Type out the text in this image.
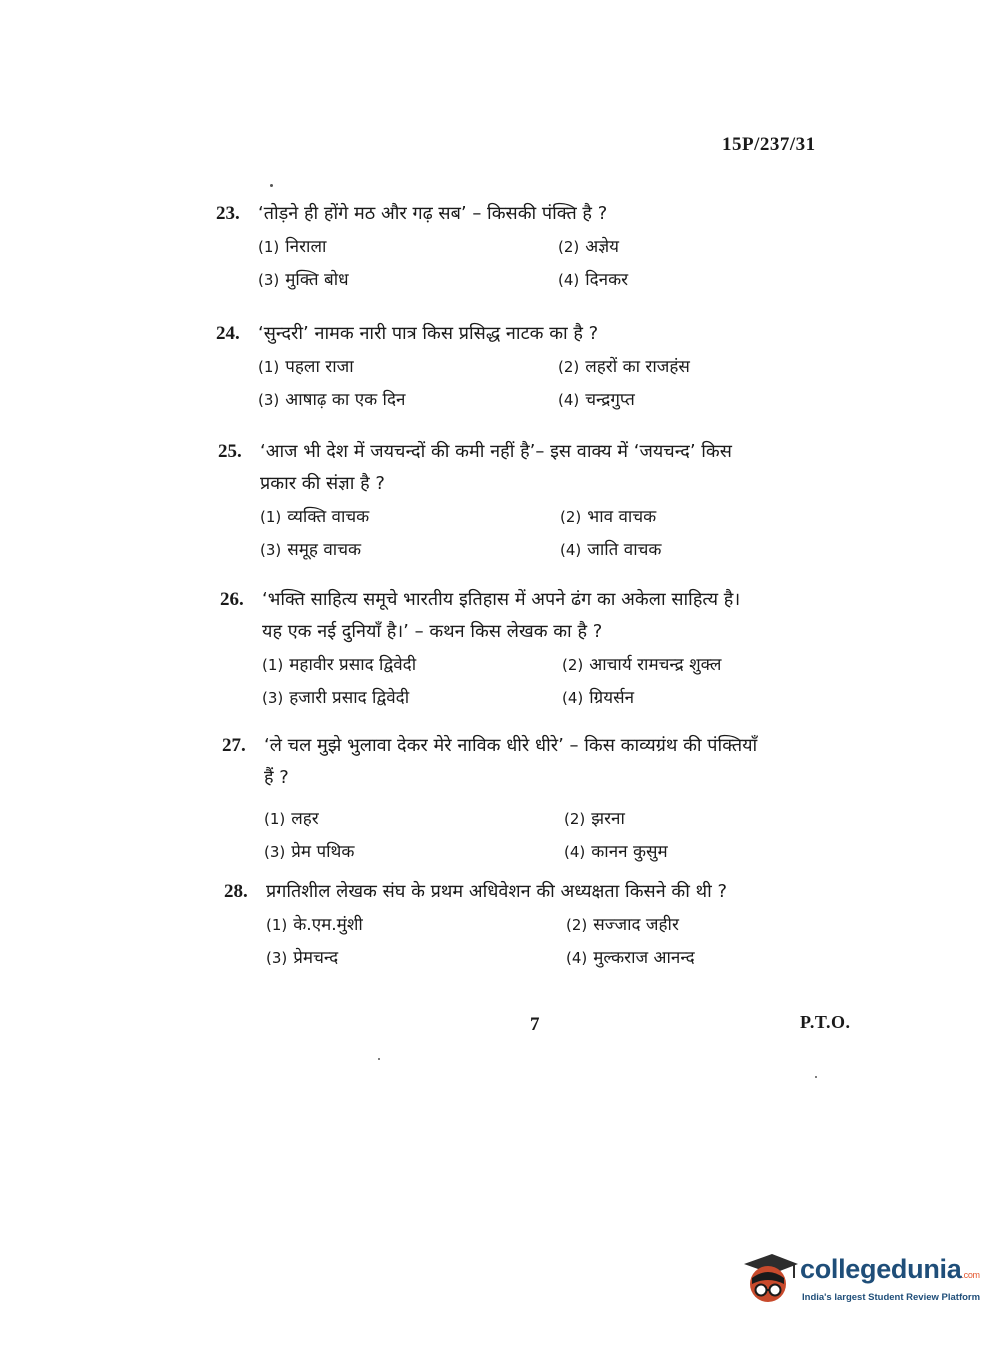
15P/237/31
23.	‘तोड़ने ही होंगे मठ और गढ़ सब’ – किसकी पंक्ति है ?
(1) निराला	(2) अज्ञेय
(3) मुक्ति बोध	(4) दिनकर
24.	‘सुन्दरी’ नामक नारी पात्र किस प्रसिद्ध नाटक का है ?
(1) पहला राजा	(2) लहरों का राजहंस
(3) आषाढ़ का एक दिन	(4) चन्द्रगुप्त
25.	‘आज भी देश में जयचन्दों की कमी नहीं है’– इस वाक्य में ‘जयचन्द’ किस
प्रकार की संज्ञा है ?
(1) व्यक्ति वाचक	(2) भाव वाचक
(3) समूह वाचक	(4) जाति वाचक
26.	‘भक्ति साहित्य समूचे भारतीय इतिहास में अपने ढंग का अकेला साहित्य है।
यह एक नई दुनियाँ है।’ – कथन किस लेखक का है ?
(1) महावीर प्रसाद द्विवेदी	(2) आचार्य रामचन्द्र शुक्ल
(3) हजारी प्रसाद द्विवेदी	(4) ग्रियर्सन
27.	‘ले चल मुझे भुलावा देकर मेरे नाविक धीरे धीरे’ – किस काव्यग्रंथ की पंक्तियाँ
हैं ?
(1) लहर	(2) झरना
(3) प्रेम पथिक	(4) कानन कुसुम
28.	प्रगतिशील लेखक संघ के प्रथम अधिवेशन की अध्यक्षता किसने की थी ?
(1) के.एम.मुंशी	(2) सज्जाद जहीर
(3) प्रेमचन्द	(4) मुल्कराज आनन्द
7	P.T.O.
collegedunia.com
India's largest Student Review Platform
